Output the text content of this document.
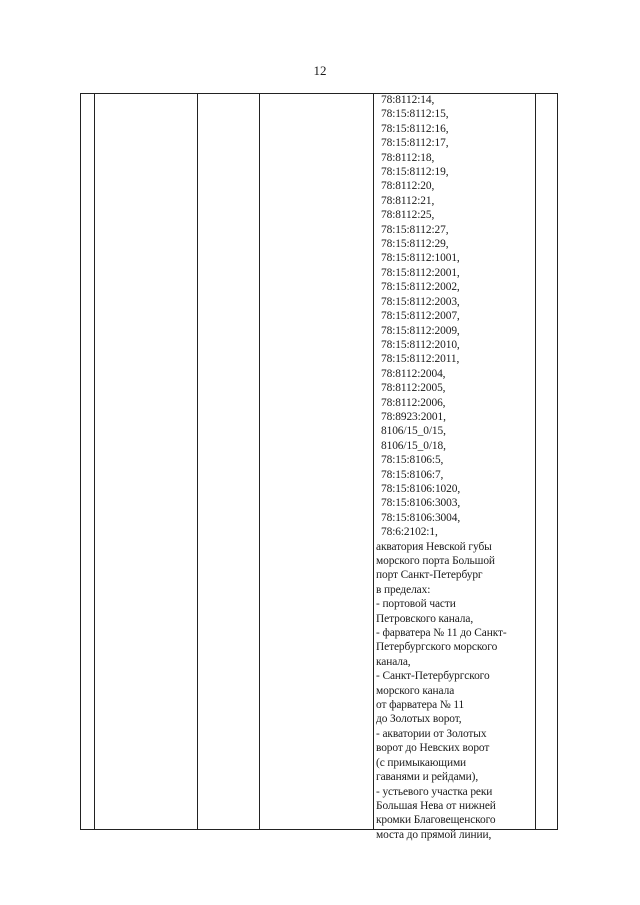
12
78:8112:14,
78:15:8112:15,
78:15:8112:16,
78:15:8112:17,
78:8112:18,
78:15:8112:19,
78:8112:20,
78:8112:21,
78:8112:25,
78:15:8112:27,
78:15:8112:29,
78:15:8112:1001,
78:15:8112:2001,
78:15:8112:2002,
78:15:8112:2003,
78:15:8112:2007,
78:15:8112:2009,
78:15:8112:2010,
78:15:8112:2011,
78:8112:2004,
78:8112:2005,
78:8112:2006,
78:8923:2001,
8106/15_0/15,
8106/15_0/18,
78:15:8106:5,
78:15:8106:7,
78:15:8106:1020,
78:15:8106:3003,
78:15:8106:3004,
78:6:2102:1,
акватория Невской губы
морского порта Большой
порт Санкт-Петербург
в пределах:
- портовой части
Петровского канала,
- фарватера № 11 до Санкт-
Петербургского морского
канала,
- Санкт-Петербургского
морского канала
от фарватера № 11
до Золотых ворот,
- акватории от Золотых
ворот до Невских ворот
(с примыкающими
гаванями и рейдами),
- устьевого участка реки
Большая Нева от нижней
кромки Благовещенского
моста до прямой линии,
